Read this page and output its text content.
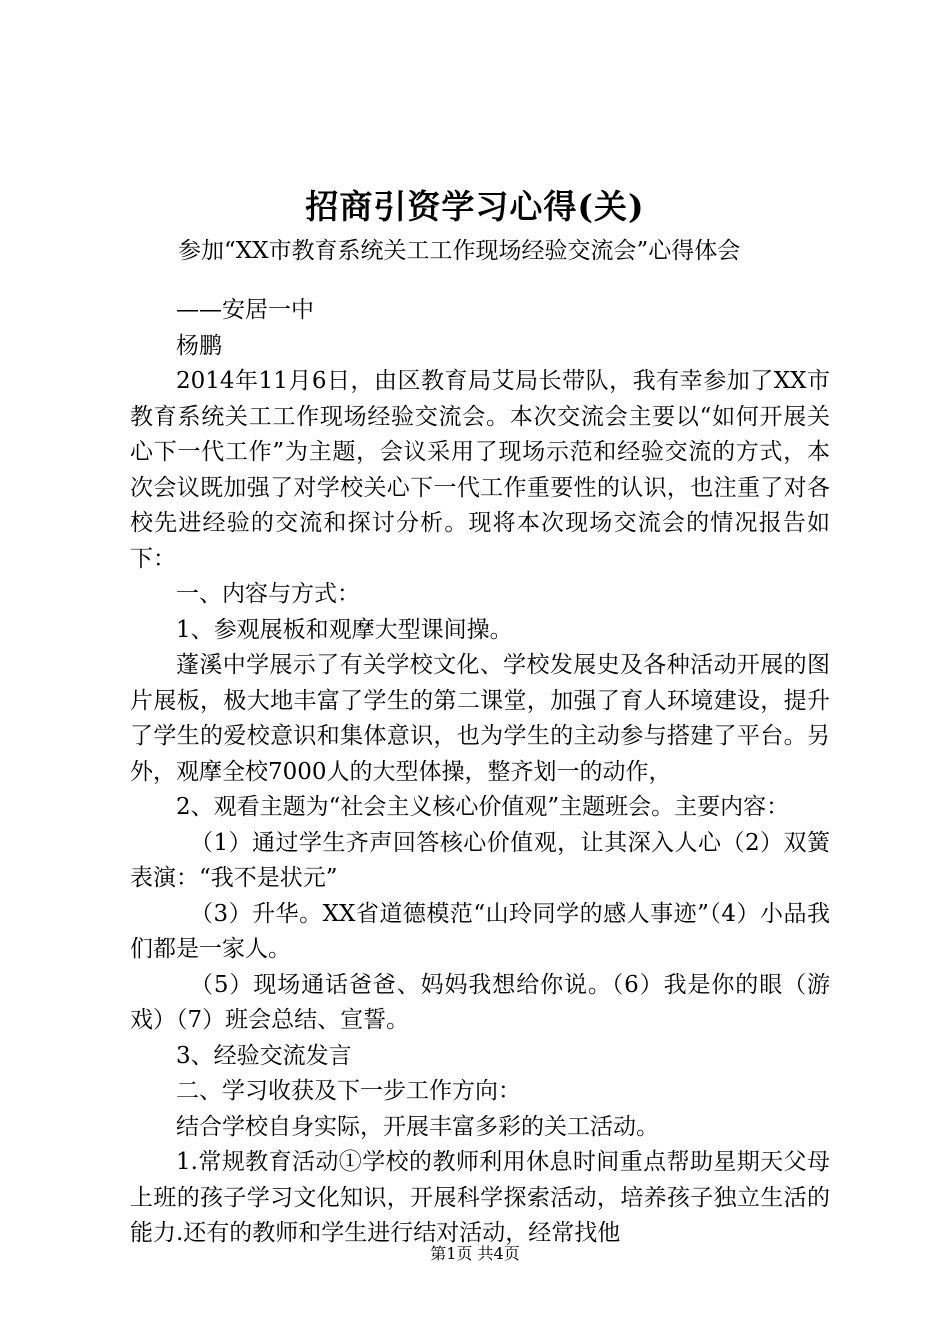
招商引资学习心得(关)
参加“XX市教育系统关工工作现场经验交流会”心得体会

——安居一中

杨鹏

2014年11月6日，由区教育局艾局长带队，我有幸参加了XX市教育系统关工工作现场经验交流会。本次交流会主要以“如何开展关心下一代工作”为主题，会议采用了现场示范和经验交流的方式，本次会议既加强了对学校关心下一代工作重要性的认识，也注重了对各校先进经验的交流和探讨分析。现将本次现场交流会的情况报告如下：

一、内容与方式：

1、参观展板和观摩大型课间操。

蓬溪中学展示了有关学校文化、学校发展史及各种活动开展的图片展板，极大地丰富了学生的第二课堂，加强了育人环境建设，提升了学生的爱校意识和集体意识，也为学生的主动参与搭建了平台。另外，观摩全校7000人的大型体操，整齐划一的动作，

2、观看主题为“社会主义核心价值观”主题班会。主要内容：

（1）通过学生齐声回答核心价值观，让其深入人心（2）双簧表演：“我不是状元”

（3）升华。XX省道德模范“山玲同学的感人事迹”（4）小品我们都是一家人。

（5）现场通话爸爸、妈妈我想给你说。（6）我是你的眼（游戏）（7）班会总结、宣誓。

3、经验交流发言

二、学习收获及下一步工作方向：

结合学校自身实际，开展丰富多彩的关工活动。

1.常规教育活动①学校的教师利用休息时间重点帮助星期天父母上班的孩子学习文化知识，开展科学探索活动，培养孩子独立生活的能力.还有的教师和学生进行结对活动，经常找他

第1页 共4页
